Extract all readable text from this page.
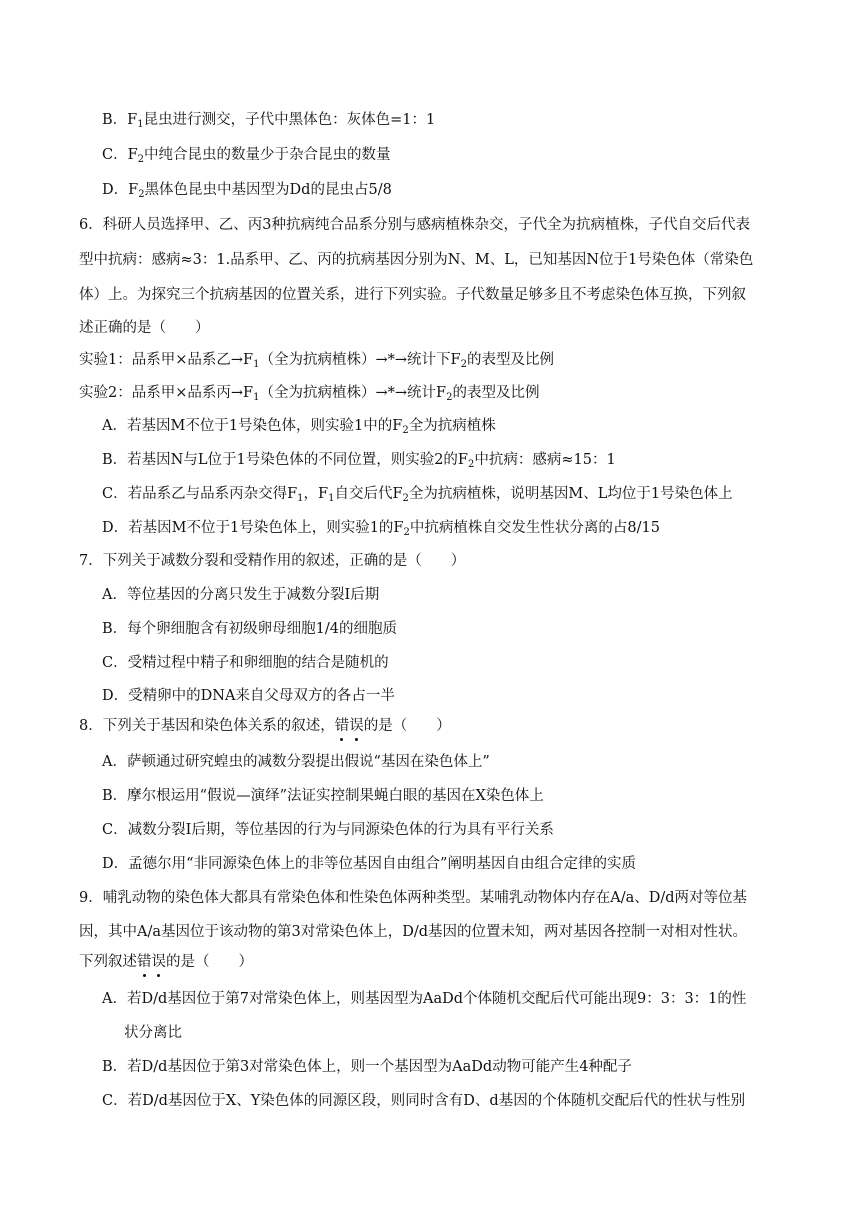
B．$F_1$昆虫进行测交，子代中黑体色：灰体色=1：1
C．$F_2$中纯合昆虫的数量少于杂合昆虫的数量
D．$F_2$黑体色昆虫中基因型为Dd的昆虫占5/8
6．科研人员选择甲、乙、丙3种抗病纯合品系分别与感病植株杂交，子代全为抗病植株，子代自交后代表
型中抗病：感病≈3：1.品系甲、乙、丙的抗病基因分别为N、M、L，已知基因N位于1号染色体（常染色
体）上。为探究三个抗病基因的位置关系，进行下列实验。子代数量足够多且不考虑染色体互换，下列叙
述正确的是（　　）
实验1：品系甲×品系乙$\to F_1$（全为抗病植株）→*→统计下$F_2$的表型及比例
实验2：品系甲×品系丙$\to F_1$（全为抗病植株）→*→统计$F_2$的表型及比例
A．若基因M不位于1号染色体，则实验1中的$F_2$全为抗病植株
B．若基因N与L位于1号染色体的不同位置，则实验2的$F_2$中抗病：感病≈15：1
C．若品系乙与品系丙杂交得$F_1$，$F_1$自交后代$F_2$全为抗病植株，说明基因M、L均位于1号染色体上
D．若基因M不位于1号染色体上，则实验1的$F_2$中抗病植株自交发生性状分离的占8/15
7．下列关于减数分裂和受精作用的叙述，正确的是（　　）
A．等位基因的分离只发生于减数分裂Ⅰ后期
B．每个卵细胞含有初级卵母细胞1/4的细胞质
C．受精过程中精子和卵细胞的结合是随机的
D．受精卵中的DNA来自父母双方的各占一半
8．下列关于基因和染色体关系的叙述，错误的是（　　）
A．萨顿通过研究蝗虫的减数分裂提出假说“基因在染色体上”
B．摩尔根运用“假说—演绎”法证实控制果蝇白眼的基因在X染色体上
C．减数分裂Ⅰ后期，等位基因的行为与同源染色体的行为具有平行关系
D．孟德尔用“非同源染色体上的非等位基因自由组合”阐明基因自由组合定律的实质
9．哺乳动物的染色体大都具有常染色体和性染色体两种类型。某哺乳动物体内存在A/a、D/d两对等位基
因，其中A/a基因位于该动物的第3对常染色体上，D/d基因的位置未知，两对基因各控制一对相对性状。
下列叙述错误的是（　　）
A．若D/d基因位于第7对常染色体上，则基因型为AaDd个体随机交配后代可能出现9：3：3：1的性
状分离比
B．若D/d基因位于第3对常染色体上，则一个基因型为AaDd动物可能产生4种配子
C．若D/d基因位于X、Y染色体的同源区段，则同时含有D、d基因的个体随机交配后代的性状与性别
